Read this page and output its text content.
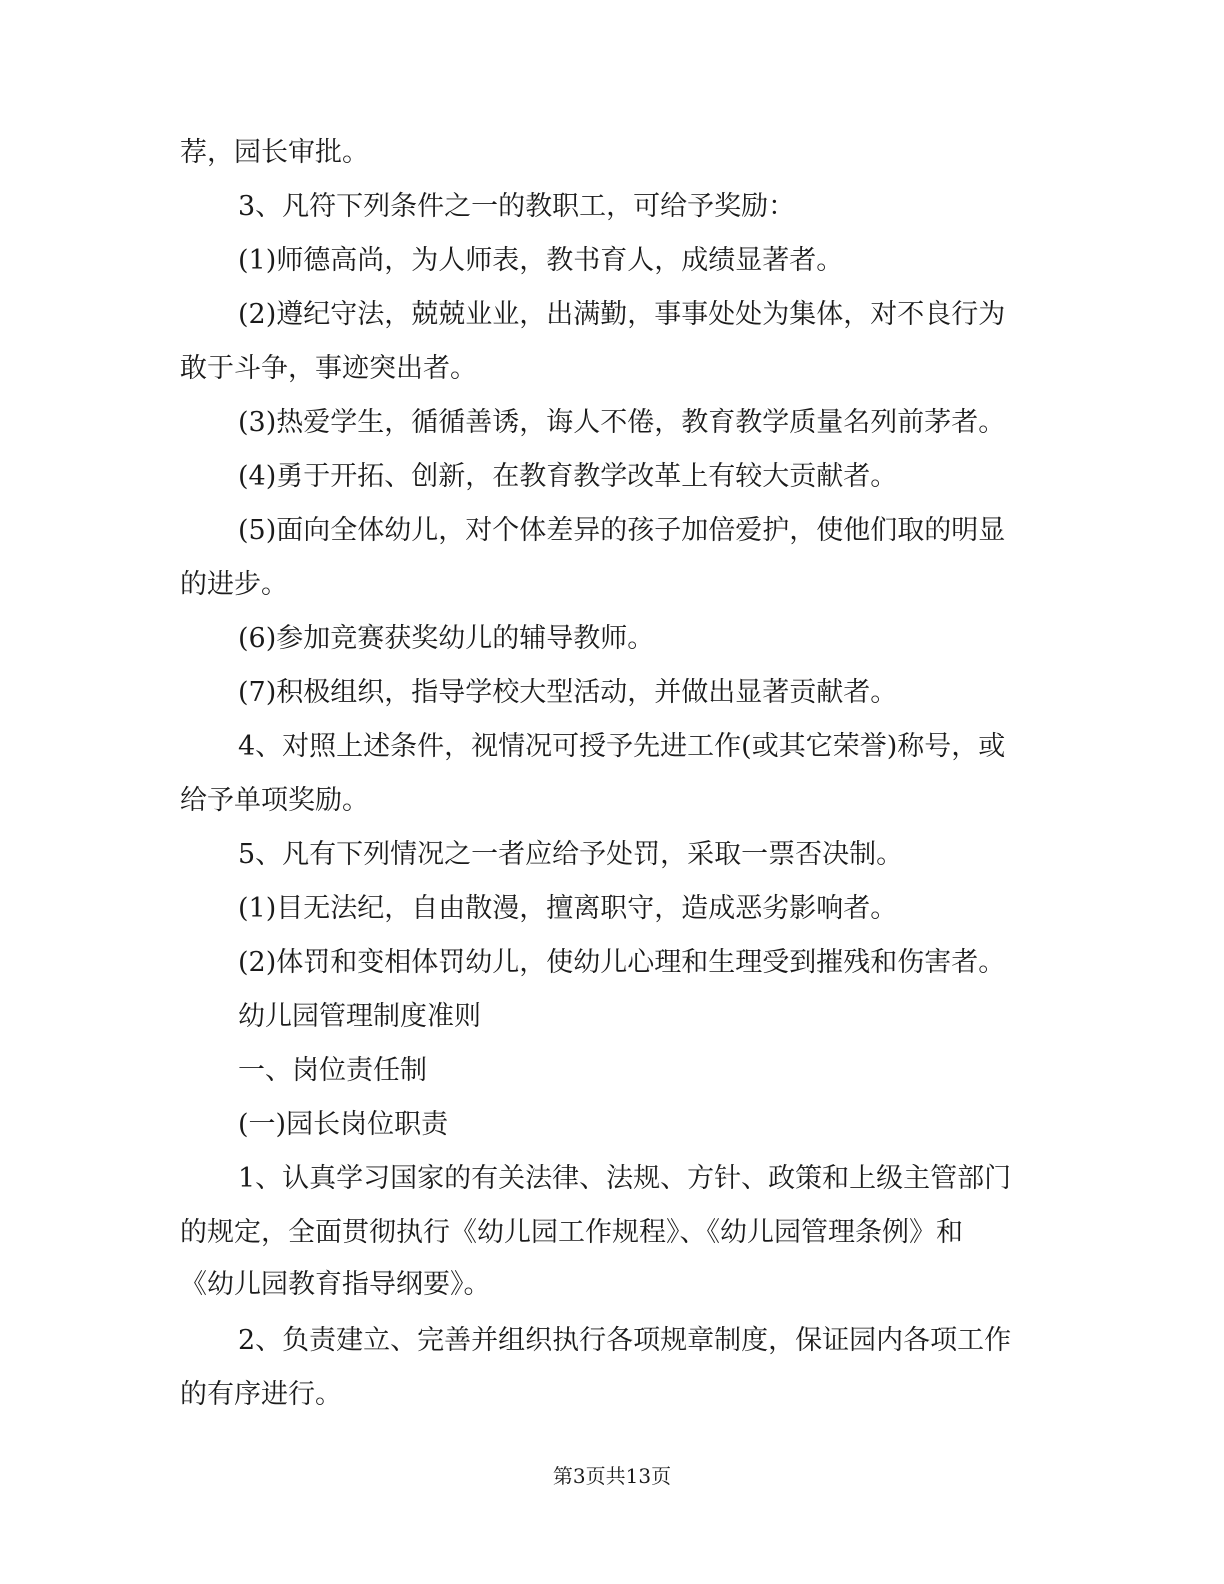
荐，园长审批。
3、凡符下列条件之一的教职工，可给予奖励：
(1)师德高尚，为人师表，教书育人，成绩显著者。
(2)遵纪守法，兢兢业业，出满勤，事事处处为集体，对不良行为
敢于斗争，事迹突出者。
(3)热爱学生，循循善诱，诲人不倦，教育教学质量名列前茅者。
(4)勇于开拓、创新，在教育教学改革上有较大贡献者。
(5)面向全体幼儿，对个体差异的孩子加倍爱护，使他们取的明显
的进步。
(6)参加竞赛获奖幼儿的辅导教师。
(7)积极组织，指导学校大型活动，并做出显著贡献者。
4、对照上述条件，视情况可授予先进工作(或其它荣誉)称号，或
给予单项奖励。
5、凡有下列情况之一者应给予处罚，采取一票否决制。
(1)目无法纪，自由散漫，擅离职守，造成恶劣影响者。
(2)体罚和变相体罚幼儿，使幼儿心理和生理受到摧残和伤害者。
幼儿园管理制度准则
一、岗位责任制
(一)园长岗位职责
1、认真学习国家的有关法律、法规、方针、政策和上级主管部门
的规定，全面贯彻执行《幼儿园工作规程》、《幼儿园管理条例》和
《幼儿园教育指导纲要》。
2、负责建立、完善并组织执行各项规章制度，保证园内各项工作
的有序进行。
第3页共13页
